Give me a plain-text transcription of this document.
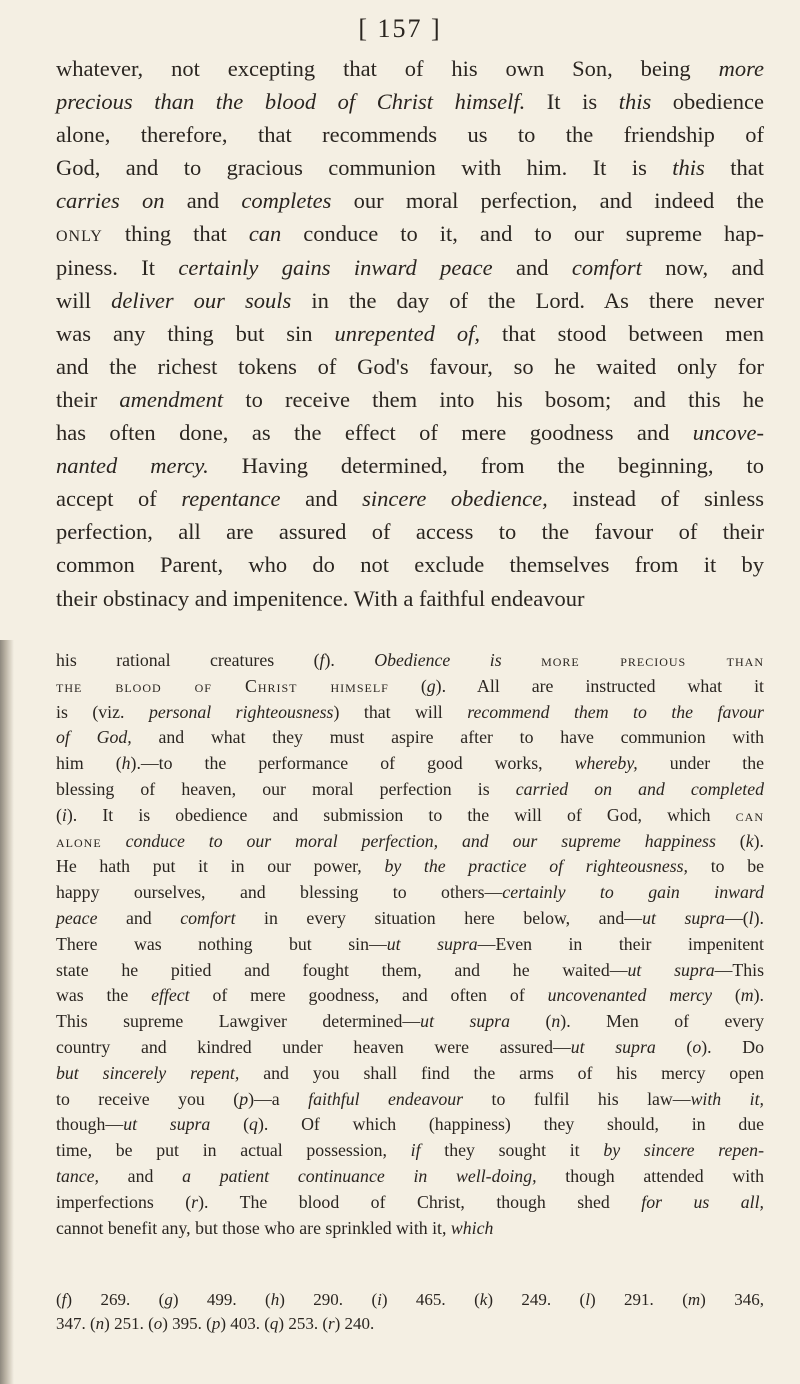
[ 157 ]
whatever, not excepting that of his own Son, being more
precious than the blood of Christ himself. It is this obedience
alone, therefore, that recommends us to the friendship of
God, and to gracious communion with him. It is this that
carries on and completes our moral perfection, and indeed the
only thing that can conduce to it, and to our supreme hap-
piness. It certainly gains inward peace and comfort now, and
will deliver our souls in the day of the Lord. As there never
was any thing but sin unrepented of, that stood between men
and the richest tokens of God's favour, so he waited only for
their amendment to receive them into his bosom; and this he
has often done, as the effect of mere goodness and uncove-
nanted mercy. Having determined, from the beginning, to
accept of repentance and sincere obedience, instead of sinless
perfection, all are assured of access to the favour of their
common Parent, who do not exclude themselves from it by
their obstinacy and impenitence. With a faithful endeavour
his rational creatures (f). Obedience is more precious than
the blood of Christ himself (g). All are instructed what it
is (viz. personal righteousness) that will recommend them to the favour
of God, and what they must aspire after to have communion with
him (h).—to the performance of good works, whereby, under the
blessing of heaven, our moral perfection is carried on and completed
(i). It is obedience and submission to the will of God, which can
alone conduce to our moral perfection, and our supreme happiness (k).
He hath put it in our power, by the practice of righteousness, to be
happy ourselves, and blessing to others—certainly to gain inward
peace and comfort in every situation here below, and—ut supra—(l).
There was nothing but sin—ut supra—Even in their impenitent
state he pitied and fought them, and he waited—ut supra—This
was the effect of mere goodness, and often of uncovenanted mercy (m).
This supreme Lawgiver determined—ut supra (n). Men of every
country and kindred under heaven were assured—ut supra (o). Do
but sincerely repent, and you shall find the arms of his mercy open
to receive you (p)—a faithful endeavour to fulfil his law—with it,
though—ut supra (q). Of which (happiness) they should, in due
time, be put in actual possession, if they sought it by sincere repen-
tance, and a patient continuance in well-doing, though attended with
imperfections (r). The blood of Christ, though shed for us all,
cannot benefit any, but those who are sprinkled with it, which
(f) 269. (g) 499. (h) 290. (i) 465. (k) 249. (l) 291. (m) 346,
347. (n) 251. (o) 395. (p) 403. (q) 253. (r) 240.
